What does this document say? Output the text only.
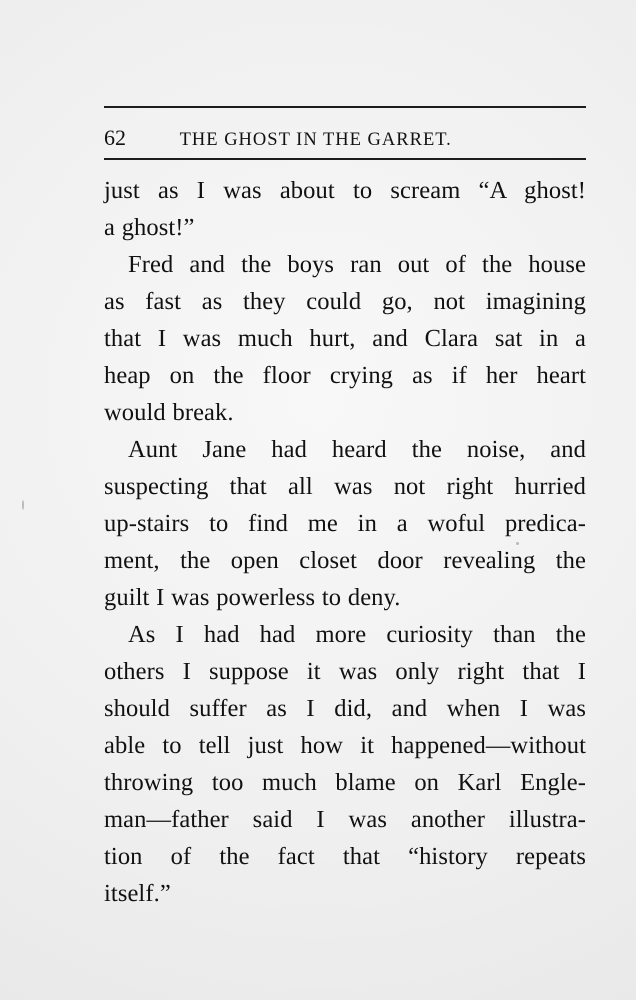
62	THE GHOST IN THE GARRET.
just as I was about to scream “A ghost!
a ghost!”
Fred and the boys ran out of the house
as fast as they could go, not imagining
that I was much hurt, and Clara sat in a
heap on the floor crying as if her heart
would break.
Aunt Jane had heard the noise, and
suspecting that all was not right hurried
up-stairs to find me in a woful predica-
ment, the open closet door revealing the
guilt I was powerless to deny.
As I had had more curiosity than the
others I suppose it was only right that I
should suffer as I did, and when I was
able to tell just how it happened—without
throwing too much blame on Karl Engle-
man—father said I was another illustra-
tion of the fact that “history repeats
itself.”
